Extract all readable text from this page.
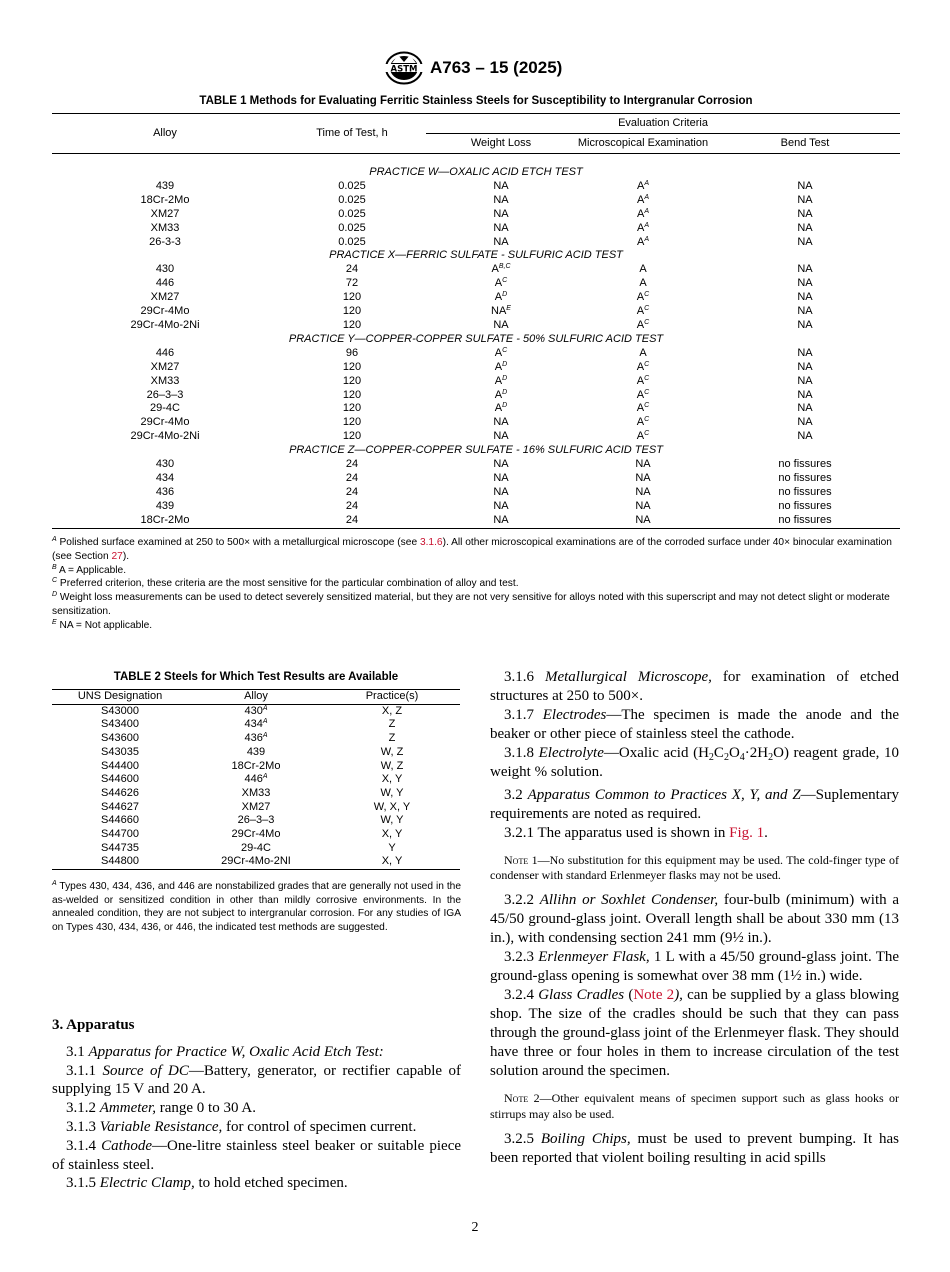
ASTM A763 – 15 (2025)
TABLE 1 Methods for Evaluating Ferritic Stainless Steels for Susceptibility to Intergranular Corrosion
Alloy	Time of Test, h	Evaluation Criteria		
		Weight Loss	Microscopical Examination	Bend Test

PRACTICE W—OXALIC ACID ETCH TEST				
439	0.025	NA	$A^A$	NA
18Cr-2Mo	0.025	NA	$A^A$	NA
XM27	0.025	NA	$A^A$	NA
XM33	0.025	NA	$A^A$	NA
26-3-3	0.025	NA	$A^A$	NA
PRACTICE X—FERRIC SULFATE - SULFURIC ACID TEST				
430	24	$A^{B,C}$	A	NA
446	72	$A^C$	A	NA
XM27	120	$A^D$	$A^C$	NA
29Cr-4Mo	120	$NA^E$	$A^C$	NA
29Cr-4Mo-2Ni	120	NA	$A^C$	NA
PRACTICE Y—COPPER-COPPER SULFATE - 50% SULFURIC ACID TEST				
446	96	$A^C$	A	NA
XM27	120	$A^D$	$A^C$	NA
XM33	120	$A^D$	$A^C$	NA
26–3–3	120	$A^D$	$A^C$	NA
29-4C	120	$A^D$	$A^C$	NA
29Cr-4Mo	120	NA	$A^C$	NA
29Cr-4Mo-2Ni	120	NA	$A^C$	NA
PRACTICE Z—COPPER-COPPER SULFATE - 16% SULFURIC ACID TEST				
430	24	NA	NA	no fissures
434	24	NA	NA	no fissures
436	24	NA	NA	no fissures
439	24	NA	NA	no fissures
18Cr-2Mo	24	NA	NA	no fissures

$^A$ Polished surface examined at 250 to 500× with a metallurgical microscope (see 3.1.6). All other microscopical examinations are of the corroded surface under 40× binocular examination (see Section 27).

$^B$ A = Applicable.

$^C$ Preferred criterion, these criteria are the most sensitive for the particular combination of alloy and test.

$^D$ Weight loss measurements can be used to detect severely sensitized material, but they are not very sensitive for alloys noted with this superscript and may not detect slight or moderate sensitization.

$^E$ NA = Not applicable.

TABLE 2 Steels for Which Test Results are Available
UNS Designation	Alloy	Practice(s)
S43000	$430^A$	X, Z
S43400	$434^A$	Z
S43600	$436^A$	Z
S43035	439	W, Z
S44400	18Cr-2Mo	W, Z
S44600	$446^A$	X, Y
S44626	XM33	W, Y
S44627	XM27	W, X, Y
S44660	26–3–3	W, Y
S44700	29Cr-4Mo	X, Y
S44735	29-4C	Y
S44800	29Cr-4Mo-2NI	X, Y
$^A$ Types 430, 434, 436, and 446 are nonstabilized grades that are generally not used in the as-welded or sensitized condition in other than mildly corrosive environments. In the annealed condition, they are not subject to intergranular corrosion. For any studies of IGA on Types 430, 434, 436, or 446, the indicated test methods are suggested.
3. Apparatus

3.1 Apparatus for Practice W, Oxalic Acid Etch Test:

3.1.1 Source of DC—Battery, generator, or rectifier capable of supplying 15 V and 20 A.

3.1.2 Ammeter, range 0 to 30 A.

3.1.3 Variable Resistance, for control of specimen current.

3.1.4 Cathode—One-litre stainless steel beaker or suitable piece of stainless steel.

3.1.5 Electric Clamp, to hold etched specimen.

3.1.6 Metallurgical Microscope, for examination of etched structures at 250 to 500×.

3.1.7 Electrodes—The specimen is made the anode and the beaker or other piece of stainless steel the cathode.

3.1.8 Electrolyte—Oxalic acid $(H_2C_2O_4\cdot 2H_2O)$ reagent grade, 10 weight % solution.

3.2 Apparatus Common to Practices X, Y, and Z—Suplementary requirements are noted as required.

3.2.1 The apparatus used is shown in Fig. 1.

Note 1—No substitution for this equipment may be used. The cold-finger type of condenser with standard Erlenmeyer flasks may not be used.

3.2.2 Allihn or Soxhlet Condenser, four-bulb (minimum) with a 45/50 ground-glass joint. Overall length shall be about 330 mm (13 in.), with condensing section 241 mm (9½ in.).

3.2.3 Erlenmeyer Flask, 1 L with a 45/50 ground-glass joint. The ground-glass opening is somewhat over 38 mm (1½ in.) wide.

3.2.4 Glass Cradles (Note 2), can be supplied by a glass blowing shop. The size of the cradles should be such that they can pass through the ground-glass joint of the Erlenmeyer flask. They should have three or four holes in them to increase circulation of the test solution around the specimen.

Note 2—Other equivalent means of specimen support such as glass hooks or stirrups may also be used.

3.2.5 Boiling Chips, must be used to prevent bumping. It has been reported that violent boiling resulting in acid spills

2
